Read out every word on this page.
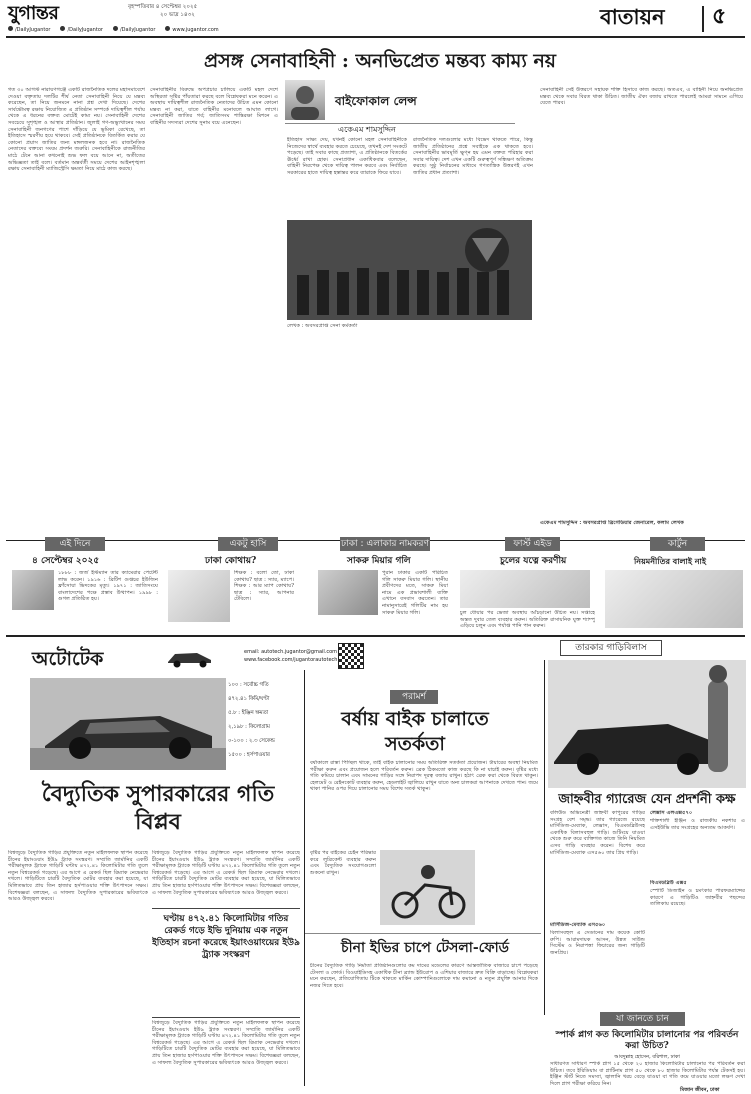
যুগান্তর	বৃহস্পতিবার ৪ সেপ্টেম্বর ২০২৫
২০ ভাদ্র ১৪৩২
/DailyJugantor	/DailyJugantor	/DailyJugantor	www.jugantor.com
বাতায়ন ৫
প্রসঙ্গ সেনাবাহিনী : অনভিপ্রেত মন্তব্য কাম্য নয়
বাইফোকাল লেন্স
একেএম শামসুদ্দিন
গত ৩০ আগস্ট নারায়ণগঞ্জে একটি রাজনৈতিক দলের মহাসমাবেশে দেওয়া বক্তৃতায় দলটির শীর্ষ নেতা সেনাবাহিনী নিয়ে যে মন্তব্য করেছেন, তা নিয়ে জনমনে নানা প্রশ্ন দেখা দিয়েছে। দেশের সার্বভৌমত্ব রক্ষায় নিয়োজিত এ প্রতিষ্ঠান সম্পর্কে দায়িত্বশীল পর্যায় থেকে এ ধরনের বক্তব্য মোটেই কাম্য নয়। সেনাবাহিনী দেশের সবচেয়ে সুশৃঙ্খল ও আস্থার প্রতিষ্ঠান। জুলাই গণ-অভ্যুত্থানের সময় সেনাবাহিনী জনগণের পাশে দাঁড়িয়ে যে ভূমিকা রেখেছে, তা ইতিহাসে স্মরণীয় হয়ে থাকবে। সেই প্রতিষ্ঠানকে বিতর্কিত করার যে কোনো প্রয়াস জাতির জন্য মঙ্গলজনক হবে না। রাজনৈতিক নেতাদের বক্তব্যে সংযম প্রদর্শন জরুরি। সেনাবাহিনীকে রাজনীতির মাঠে টেনে আনা কখনোই শুভ ফল বয়ে আনে না, অতীতের অভিজ্ঞতা তাই বলে। বর্তমান অন্তর্বর্তী সময়ে দেশের আইনশৃঙ্খলা রক্ষায় সেনাবাহিনী ম্যাজিস্ট্রেসি ক্ষমতা নিয়ে মাঠে কাজ করছে।
সেনাবাহিনীর বিরুদ্ধে অপপ্রচার চালিয়ে একটি মহল দেশে অস্থিরতা সৃষ্টির পাঁয়তারা করছে বলে বিশ্লেষকরা মনে করেন। এ অবস্থায় দায়িত্বশীল রাজনৈতিক নেতাদের উচিত এমন কোনো মন্তব্য না করা, যাতে বাহিনীর মনোবলে আঘাত লাগে। সেনাবাহিনী জাতির গর্ব; জাতিসংঘ শান্তিরক্ষা মিশনে এ বাহিনীর সদস্যরা দেশের সুনাম বয়ে এনেছেন।
ইতিহাস সাক্ষ্য দেয়, যখনই কোনো মহল সেনাবাহিনীকে নিজেদের স্বার্থে ব্যবহার করতে চেয়েছে, তখনই দেশ সংকটে পড়েছে। তাই সবার কাছে প্রত্যাশা, এ প্রতিষ্ঠানকে বিতর্কের ঊর্ধ্বে রাখা হোক। সেনাপ্রধান একাধিকবার বলেছেন, বাহিনী নিরপেক্ষ থেকে দায়িত্ব পালন করবে এবং নির্বাচিত সরকারের হাতে দায়িত্ব হস্তান্তর করে ব্যারাকে ফিরে যাবে।
রাজনৈতিক দলগুলোর মধ্যে বিভেদ থাকতে পারে, কিন্তু জাতীয় প্রতিষ্ঠানের প্রশ্নে সবাইকে এক থাকতে হবে। সেনাবাহিনীর ভাবমূর্তি ক্ষুণ্ন হয় এমন বক্তব্য পরিহার করা সবার দায়িত্ব। দেশ এখন একটি গুরুত্বপূর্ণ সন্ধিক্ষণ অতিক্রম করছে। সুষ্ঠু নির্বাচনের মাধ্যমে গণতান্ত্রিক উত্তরণই এখন জাতির প্রধান প্রত্যাশা।
সেনাবাহিনী সেই উত্তরণে সহায়ক শক্তি হিসাবে কাজ করছে। অতএব, এ বাহিনী নিয়ে অনভিপ্রেত মন্তব্য থেকে সবার বিরত থাকা উচিত। জাতীয় ঐক্য বজায় রাখতে পারলেই আমরা সামনে এগিয়ে যেতে পারব।
লেখক : অবসরপ্রাপ্ত সেনা কর্মকর্তা
একেএম শামসুদ্দিন : অবসরপ্রাপ্ত ব্রিগেডিয়ার জেনারেল, কলাম লেখক
এই দিনে
৪ সেপ্টেম্বর ২০২৫
১৮৮৮ : জর্জ ইস্টম্যান তার ক্যামেরার পেটেন্ট লাভ করেন। ১৯১৬ : ব্রিটিশ গুপ্তচর ইউজিন ফ্রাঁসোয়া ভিদকের মৃত্যু। ১৯৭১ : জাতিসংঘে বাংলাদেশের পক্ষে প্রস্তাব উত্থাপন। ১৯৯৮ : গুগল প্রতিষ্ঠিত হয়।
একটু হাসি
ঢাকা কোথায়?
শিক্ষক : বলো তো, ঢাকা কোথায়? ছাত্র : স্যার, ম্যাপে। শিক্ষক : আর ম্যাপ কোথায়? ছাত্র : স্যার, আপনার টেবিলে।
ঢাকা : এলাকার নামকরণ
সাকরু মিয়ার গলি
পুরান ঢাকার একটি পরিচিত গলি সাকরু মিয়ার গলি। স্থানীয় প্রবীণদের মতে, সাকরু মিয়া নামে এক প্রভাবশালী ব্যক্তি এখানে বসবাস করতেন। তার নামানুসারেই গলিটির নাম হয় সাকরু মিয়ার গলি।
ফার্স্ট এইড
চুলের যত্নে করণীয়
চুল ধোয়ার পর ভেজা অবস্থায় আঁচড়ানো উচিত নয়। সপ্তাহে অন্তত দুবার তেল ব্যবহার করুন। অতিরিক্ত রাসায়নিক যুক্ত শ্যাম্পু এড়িয়ে চলুন এবং পর্যাপ্ত পানি পান করুন।
কার্টুন
নিয়মনীতির বালাই নাই
অটোটেক	email: autotech.jugantor@gmail.com
www.facebook.com/jugantorautotech
তারকার গাড়িবিলাস
১০০ : সর্বোচ্চ গতি
৪৭২.৪১ কিমি/ঘণ্টা
৫.৮ : ইঞ্জিন ক্ষমতা
২,১৯৮ : কিলোগ্রাম
০-১০০ : ২.৩ সেকেন্ড
১৫০০ : হর্সপাওয়ার
বৈদ্যুতিক সুপারকারের গতি বিপ্লব
বিশ্বজুড়ে বৈদ্যুতিক গাড়ির প্রযুক্তিতে নতুন মাইলফলক স্থাপন করেছে চীনের ইয়াংওয়াং ইউ৯ ট্র্যাক সংস্করণ। সম্প্রতি জার্মানির একটি পরীক্ষামূলক ট্র্যাকে গাড়িটি ঘণ্টায় ৪৭২.৪১ কিলোমিটার গতি তুলে নতুন বিশ্বরেকর্ড গড়েছে। এর আগে এ রেকর্ড ছিল রিম্যাক নেভেরার দখলে। গাড়িটিতে চারটি বৈদ্যুতিক মোটর ব্যবহার করা হয়েছে, যা মিলিতভাবে প্রায় তিন হাজার হর্সপাওয়ার শক্তি উৎপাদনে সক্ষম। বিশেষজ্ঞরা বলছেন, এ সাফল্য বৈদ্যুতিক সুপারকারের ভবিষ্যৎকে আরও উজ্জ্বল করবে।
বিশ্বজুড়ে বৈদ্যুতিক গাড়ির প্রযুক্তিতে নতুন মাইলফলক স্থাপন করেছে চীনের ইয়াংওয়াং ইউ৯ ট্র্যাক সংস্করণ। সম্প্রতি জার্মানির একটি পরীক্ষামূলক ট্র্যাকে গাড়িটি ঘণ্টায় ৪৭২.৪১ কিলোমিটার গতি তুলে নতুন বিশ্বরেকর্ড গড়েছে। এর আগে এ রেকর্ড ছিল রিম্যাক নেভেরার দখলে। গাড়িটিতে চারটি বৈদ্যুতিক মোটর ব্যবহার করা হয়েছে, যা মিলিতভাবে প্রায় তিন হাজার হর্সপাওয়ার শক্তি উৎপাদনে সক্ষম। বিশেষজ্ঞরা বলছেন, এ সাফল্য বৈদ্যুতিক সুপারকারের ভবিষ্যৎকে আরও উজ্জ্বল করবে।
ঘণ্টায় ৪৭২.৪১ কিলোমিটার গতির রেকর্ড গড়ে ইভি দুনিয়ায় এক নতুন ইতিহাস রচনা করেছে ইয়াংওয়াংয়ের ইউ৯ ট্র্যাক সংস্করণ
বিশ্বজুড়ে বৈদ্যুতিক গাড়ির প্রযুক্তিতে নতুন মাইলফলক স্থাপন করেছে চীনের ইয়াংওয়াং ইউ৯ ট্র্যাক সংস্করণ। সম্প্রতি জার্মানির একটি পরীক্ষামূলক ট্র্যাকে গাড়িটি ঘণ্টায় ৪৭২.৪১ কিলোমিটার গতি তুলে নতুন বিশ্বরেকর্ড গড়েছে। এর আগে এ রেকর্ড ছিল রিম্যাক নেভেরার দখলে। গাড়িটিতে চারটি বৈদ্যুতিক মোটর ব্যবহার করা হয়েছে, যা মিলিতভাবে প্রায় তিন হাজার হর্সপাওয়ার শক্তি উৎপাদনে সক্ষম। বিশেষজ্ঞরা বলছেন, এ সাফল্য বৈদ্যুতিক সুপারকারের ভবিষ্যৎকে আরও উজ্জ্বল করবে।
পরামর্শ
বর্ষায় বাইক চালাতে
সতর্কতা
বর্ষাকালে রাস্তা পিচ্ছিল থাকে, তাই বাইক চালানোর সময় অতিরিক্ত সতর্কতা প্রয়োজন। টায়ারের অবস্থা নিয়মিত পরীক্ষা করুন এবং প্রয়োজন হলে পরিবর্তন করুন। ব্রেক ঠিকমতো কাজ করছে কি না যাচাই করুন। বৃষ্টির মধ্যে গতি কমিয়ে চালান এবং সামনের গাড়ির সঙ্গে নিরাপদ দূরত্ব বজায় রাখুন। হঠাৎ ব্রেক করা থেকে বিরত থাকুন। হেলমেট ও রেইনকোট ব্যবহার করুন, হেডলাইট জ্বালিয়ে রাখুন যাতে অন্য চালকরা আপনাকে দেখতে পান। জমে থাকা পানির ওপর দিয়ে চালানোর সময় বিশেষ সতর্ক থাকুন।
বৃষ্টির পর বাইকের চেইন পরিষ্কার করে লুব্রিকেন্ট ব্যবহার করুন এবং বৈদ্যুতিক সংযোগগুলো শুকনো রাখুন।
চীনা ইভির চাপে টেসলা-ফোর্ড
চীনের বৈদ্যুতিক গাড়ি নির্মাতা প্রতিষ্ঠানগুলোর কম দামের মডেলের কারণে আন্তর্জাতিক বাজারে চাপে পড়েছে টেসলা ও ফোর্ড। বিওয়াইডিসহ একাধিক চীনা ব্র্যান্ড ইউরোপ ও এশিয়ার বাজারে দ্রুত বিক্রি বাড়াচ্ছে। বিশ্লেষকরা মনে করছেন, প্রতিযোগিতায় টিকে থাকতে মার্কিন কোম্পানিগুলোকে দাম কমানো ও নতুন প্রযুক্তি আনার দিকে নজর দিতে হবে।
জাহ্নবীর গ্যারেজ যেন প্রদর্শনী কক্ষ
বলিউড অভিনেত্রী জাহ্নবী কাপুরের গাড়ির সংগ্রহ বেশ সমৃদ্ধ। তার গ্যারেজে রয়েছে মার্সিডিজ-মেব্যাক, লেক্সাস, বিএমডব্লিউসহ একাধিক বিলাসবহুল গাড়ি। শুটিংয়ে যাওয়া থেকে শুরু করে ব্যক্তিগত কাজে তিনি নিয়মিত এসব গাড়ি ব্যবহার করেন। বিশেষ করে মার্সিডিজ-মেব্যাক এস৫৬০ তার প্রিয় গাড়ি।
মার্সিডিজ-মেব্যাক এস৫৬০
বিলাসবহুল এ সেডানের দাম কয়েক কোটি রুপি। আরামদায়ক আসন, উন্নত সাউন্ড সিস্টেম ও নিরাপত্তা ফিচারের জন্য গাড়িটি জনপ্রিয়।
লেক্সাস এলএক্স৫৭০
শক্তিশালী ইঞ্জিন ও রাজকীয় নকশার এ এসইউভি তার সংগ্রহের অন্যতম আকর্ষণ।
বিএমডব্লিউ এক্স৫
স্পোর্টি ডিজাইন ও চমৎকার পারফরম্যান্সের কারণে এ গাড়িটিও জাহ্নবীর পছন্দের তালিকায় রয়েছে।
যা জানতে চান
স্পার্ক প্লাগ কত কিলোমিটার চালানোর পর পরিবর্তন করা উচিত?
আবদুল্লাহ হোসেন, বরিশাল, ঢাকা
সাধারণত সাধারণ স্পার্ক প্লাগ ১৫ থেকে ২০ হাজার কিলোমিটার চালানোর পর পরিবর্তন করা উচিত। তবে ইরিডিয়াম বা প্লাটিনাম প্লাগ ৫০ থেকে ৮০ হাজার কিলোমিটার পর্যন্ত টেকসই হয়। ইঞ্জিন স্টার্ট নিতে সমস্যা, জ্বালানি খরচ বেড়ে যাওয়া বা গতি কমে যাওয়ার মতো লক্ষণ দেখা দিলে প্লাগ পরীক্ষা করিয়ে নিন।
মিজান জীবন, ঢাকা
